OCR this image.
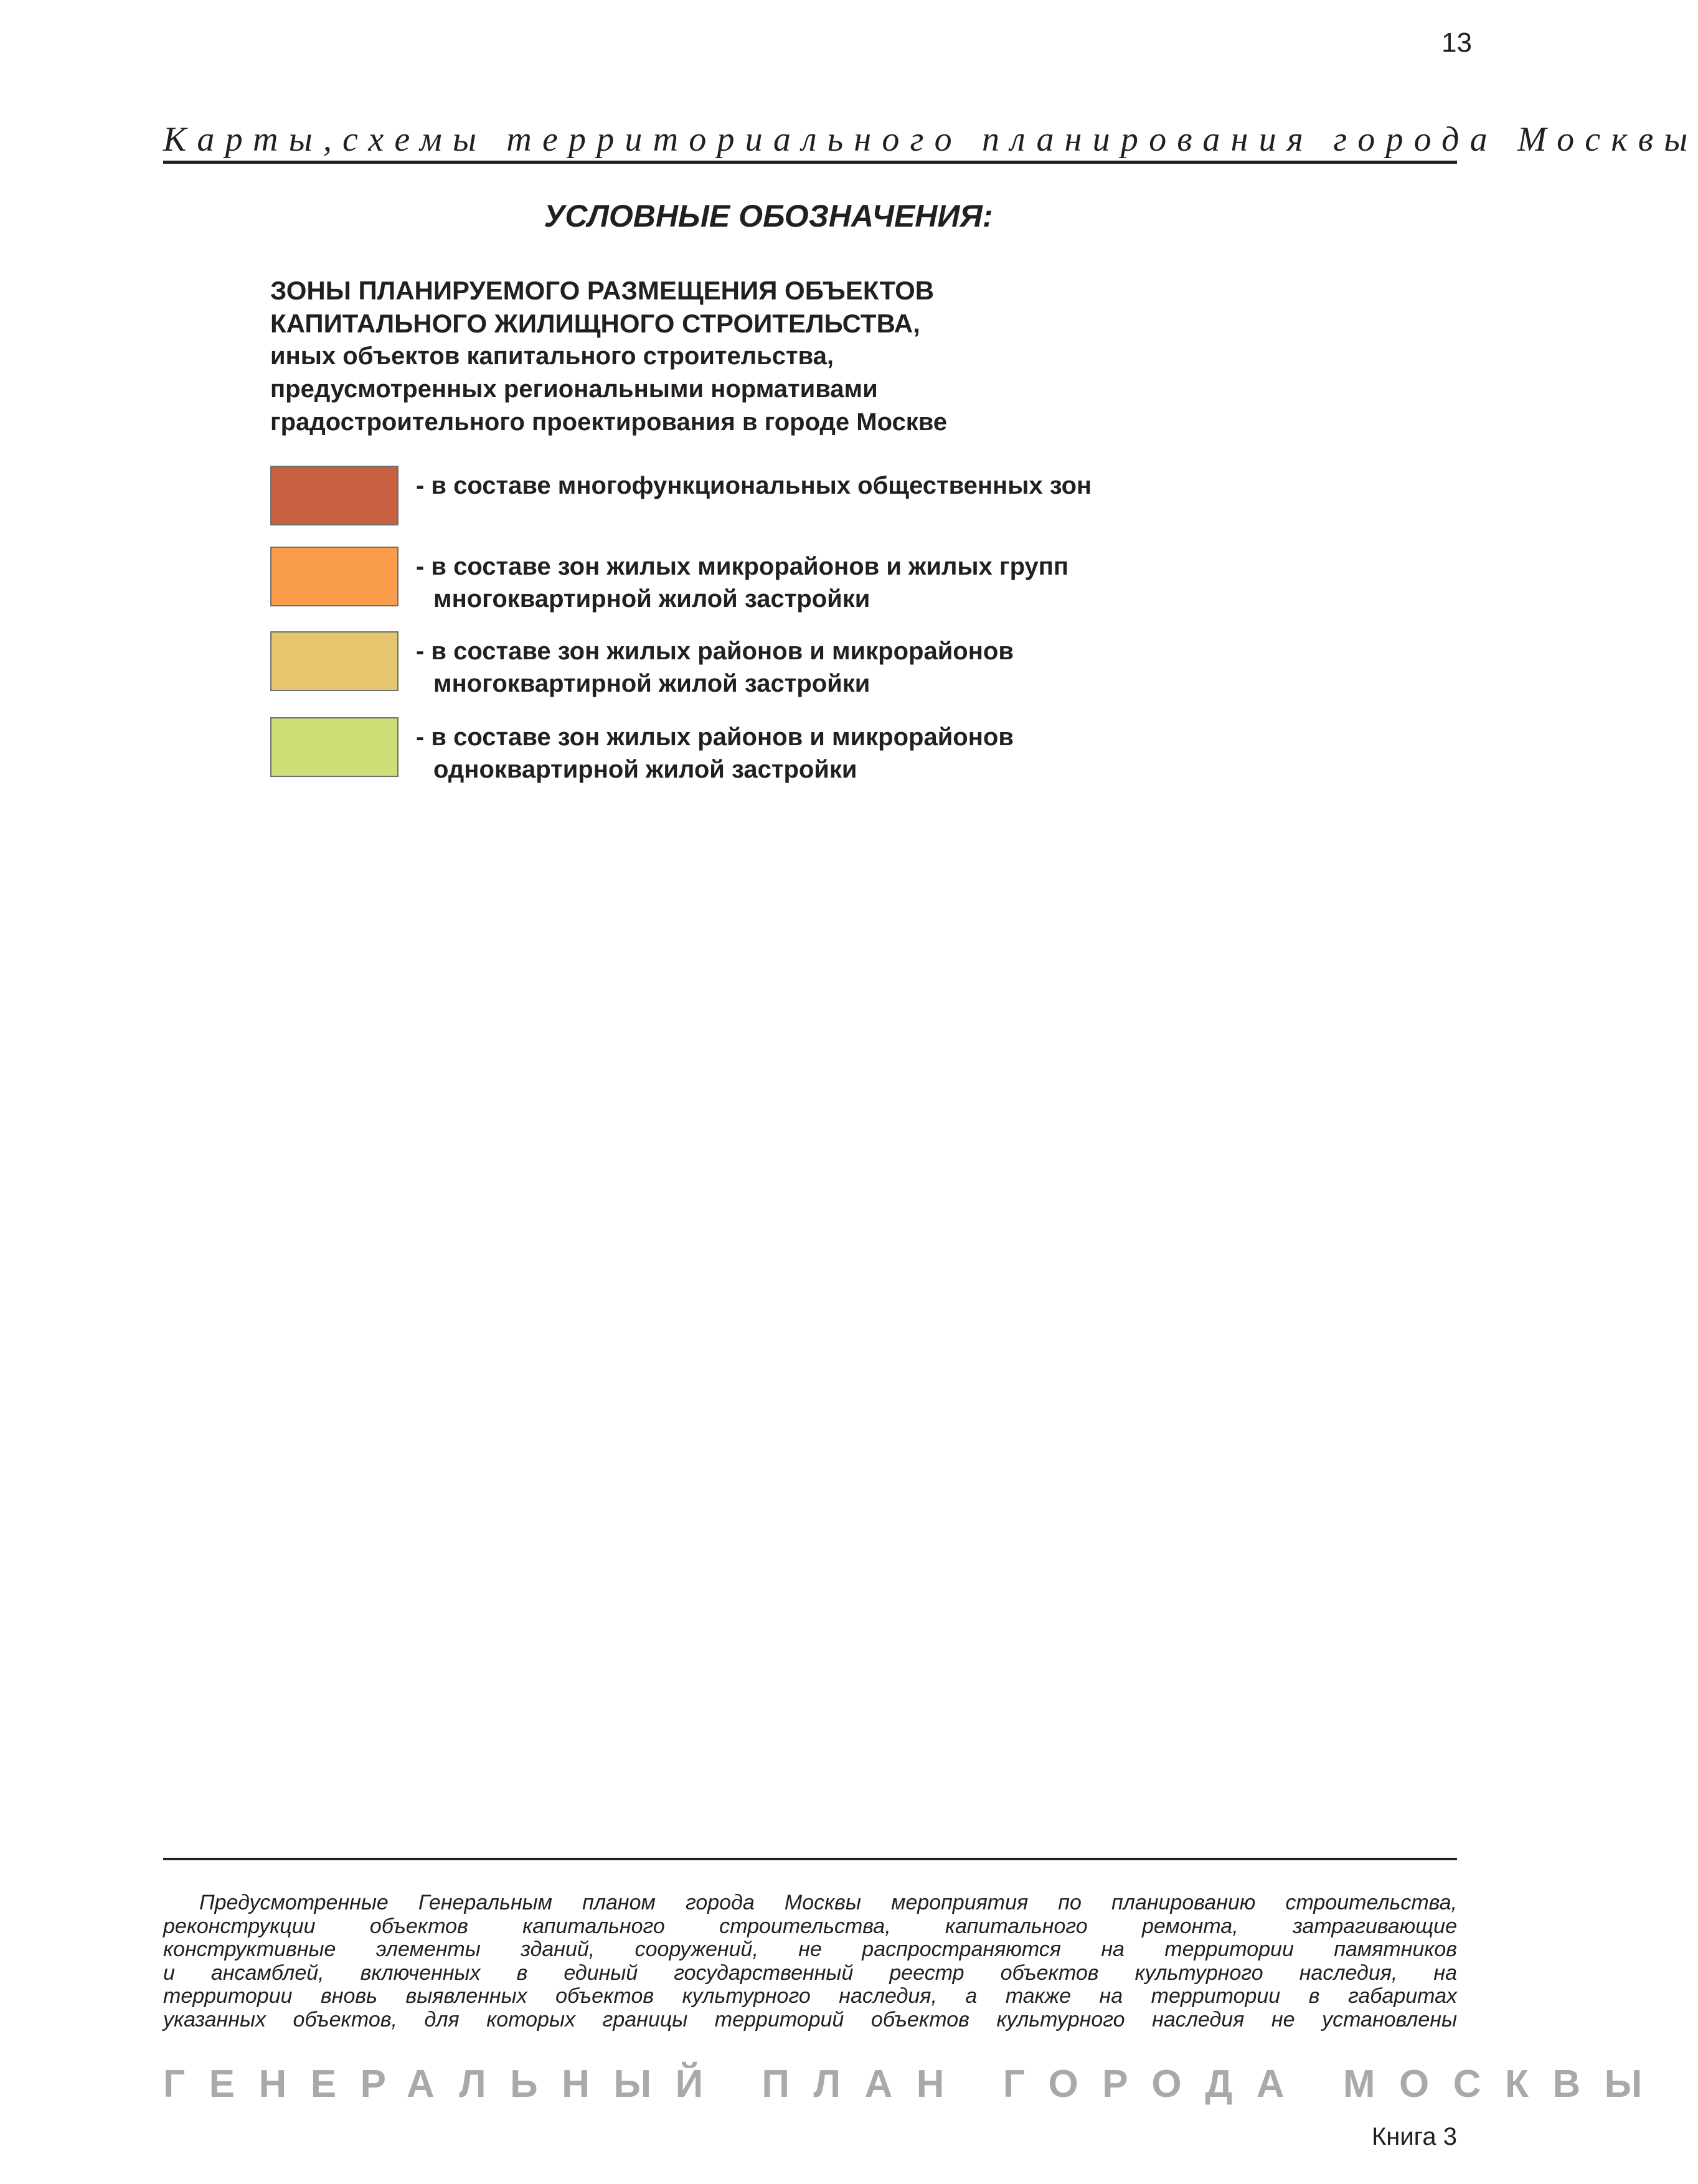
13
Карты,схемы территориального планирования города Москвы
УСЛОВНЫЕ ОБОЗНАЧЕНИЯ:
ЗОНЫ ПЛАНИРУЕМОГО РАЗМЕЩЕНИЯ ОБЪЕКТОВ
КАПИТАЛЬНОГО ЖИЛИЩНОГО СТРОИТЕЛЬСТВА,
иных объектов капитального строительства,
предусмотренных региональными нормативами
градостроительного проектирования в городе Москве
- в составе многофункциональных общественных зон
- в составе зон жилых микрорайонов и жилых групп
многоквартирной жилой застройки
- в составе зон жилых районов и микрорайонов
многоквартирной жилой застройки
- в составе зон жилых районов и микрорайонов
одноквартирной жилой застройки
Предусмотренные Генеральным планом города Москвы мероприятия по планированию строительства,
реконструкции объектов капитального строительства, капитального ремонта, затрагивающие
конструктивные элементы зданий, сооружений, не распространяются на территории памятников
и ансамблей, включенных в единый государственный реестр объектов культурного наследия, на
территории вновь выявленных объектов культурного наследия, а также на территории в габаритах
указанных объектов, для которых границы территорий объектов культурного наследия не установлены
ГЕНЕРАЛЬНЫЙ ПЛАН ГОРОДА МОСКВЫ
Книга 3
